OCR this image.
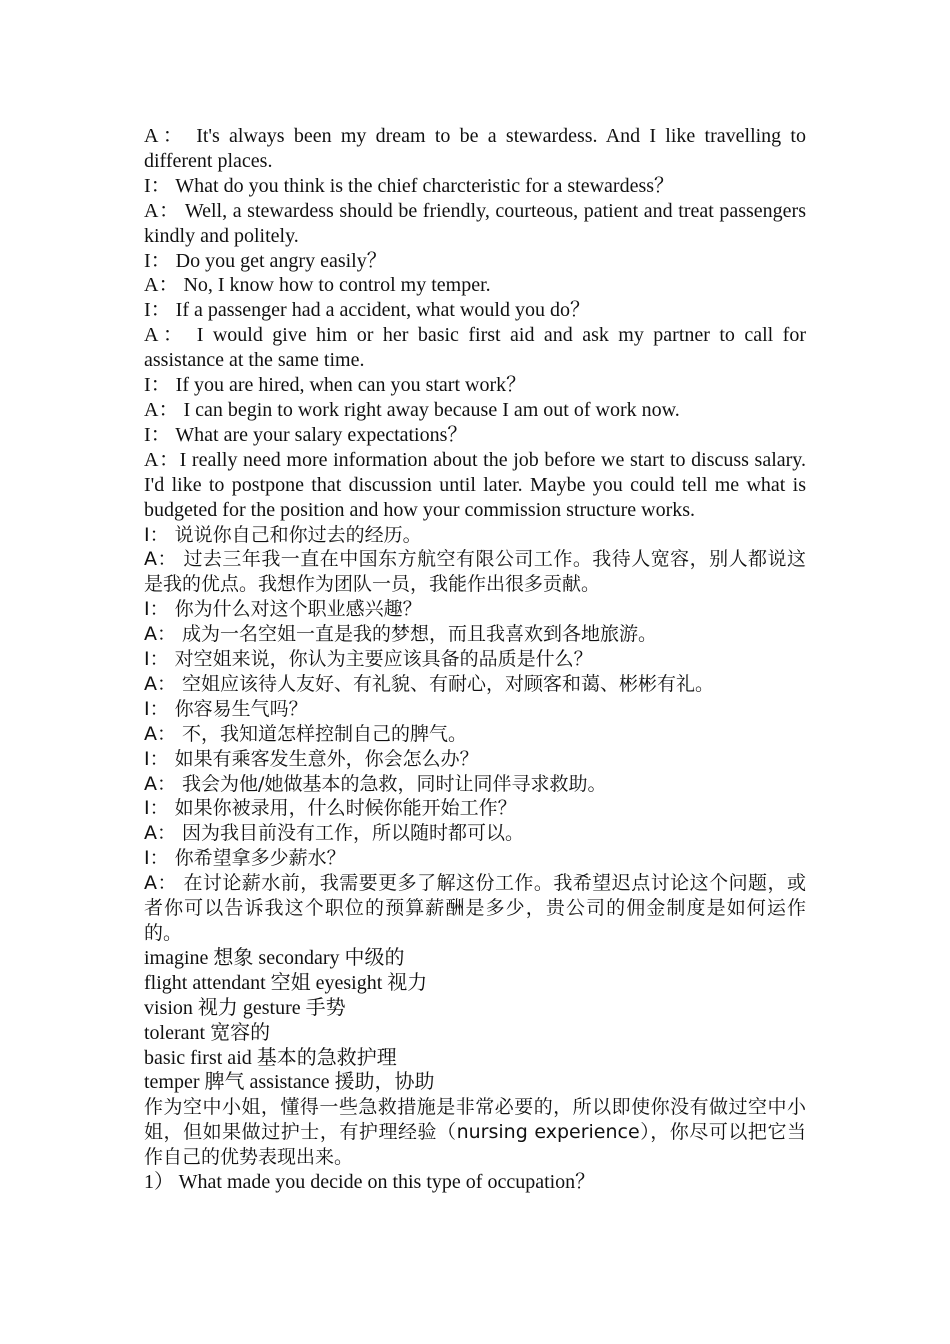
A： It's always been my dream to be a stewardess. And I like travelling to different places.

I： What do you think is the chief charcteristic for a stewardess？

A： Well, a stewardess should be friendly, courteous, patient and treat passengers kindly and politely.

I： Do you get angry easily？

A： No, I know how to control my temper.

I： If a passenger had a accident, what would you do？

A： I would give him or her basic first aid and ask my partner to call for assistance at the same time.

I： If you are hired, when can you start work？

A： I can begin to work right away because I am out of work now.

I： What are your salary expectations？

A：I really need more information about the job before we start to discuss salary. I'd like to postpone that discussion until later. Maybe you could tell me what is budgeted for the position and how your commission structure works.

I： 说说你自己和你过去的经历。

A： 过去三年我一直在中国东方航空有限公司工作。我待人宽容，别人都说这是我的优点。我想作为团队一员，我能作出很多贡献。

I： 你为什么对这个职业感兴趣？

A： 成为一名空姐一直是我的梦想，而且我喜欢到各地旅游。

I： 对空姐来说，你认为主要应该具备的品质是什么？

A： 空姐应该待人友好、有礼貌、有耐心，对顾客和蔼、彬彬有礼。

I： 你容易生气吗？

A： 不，我知道怎样控制自己的脾气。

I： 如果有乘客发生意外，你会怎么办？

A： 我会为他/她做基本的急救，同时让同伴寻求救助。

I： 如果你被录用，什么时候你能开始工作？

A： 因为我目前没有工作，所以随时都可以。

I： 你希望拿多少薪水？

A： 在讨论薪水前，我需要更多了解这份工作。我希望迟点讨论这个问题，或者你可以告诉我这个职位的预算薪酬是多少，贵公司的佣金制度是如何运作的。

imagine 想象 secondary 中级的

flight attendant 空姐 eyesight 视力

vision 视力 gesture 手势

tolerant 宽容的

basic first aid 基本的急救护理

temper 脾气 assistance 援助，协助

作为空中小姐，懂得一些急救措施是非常必要的，所以即使你没有做过空中小姐，但如果做过护士，有护理经验（nursing experience），你尽可以把它当作自己的优势表现出来。

1） What made you decide on this type of occupation？
